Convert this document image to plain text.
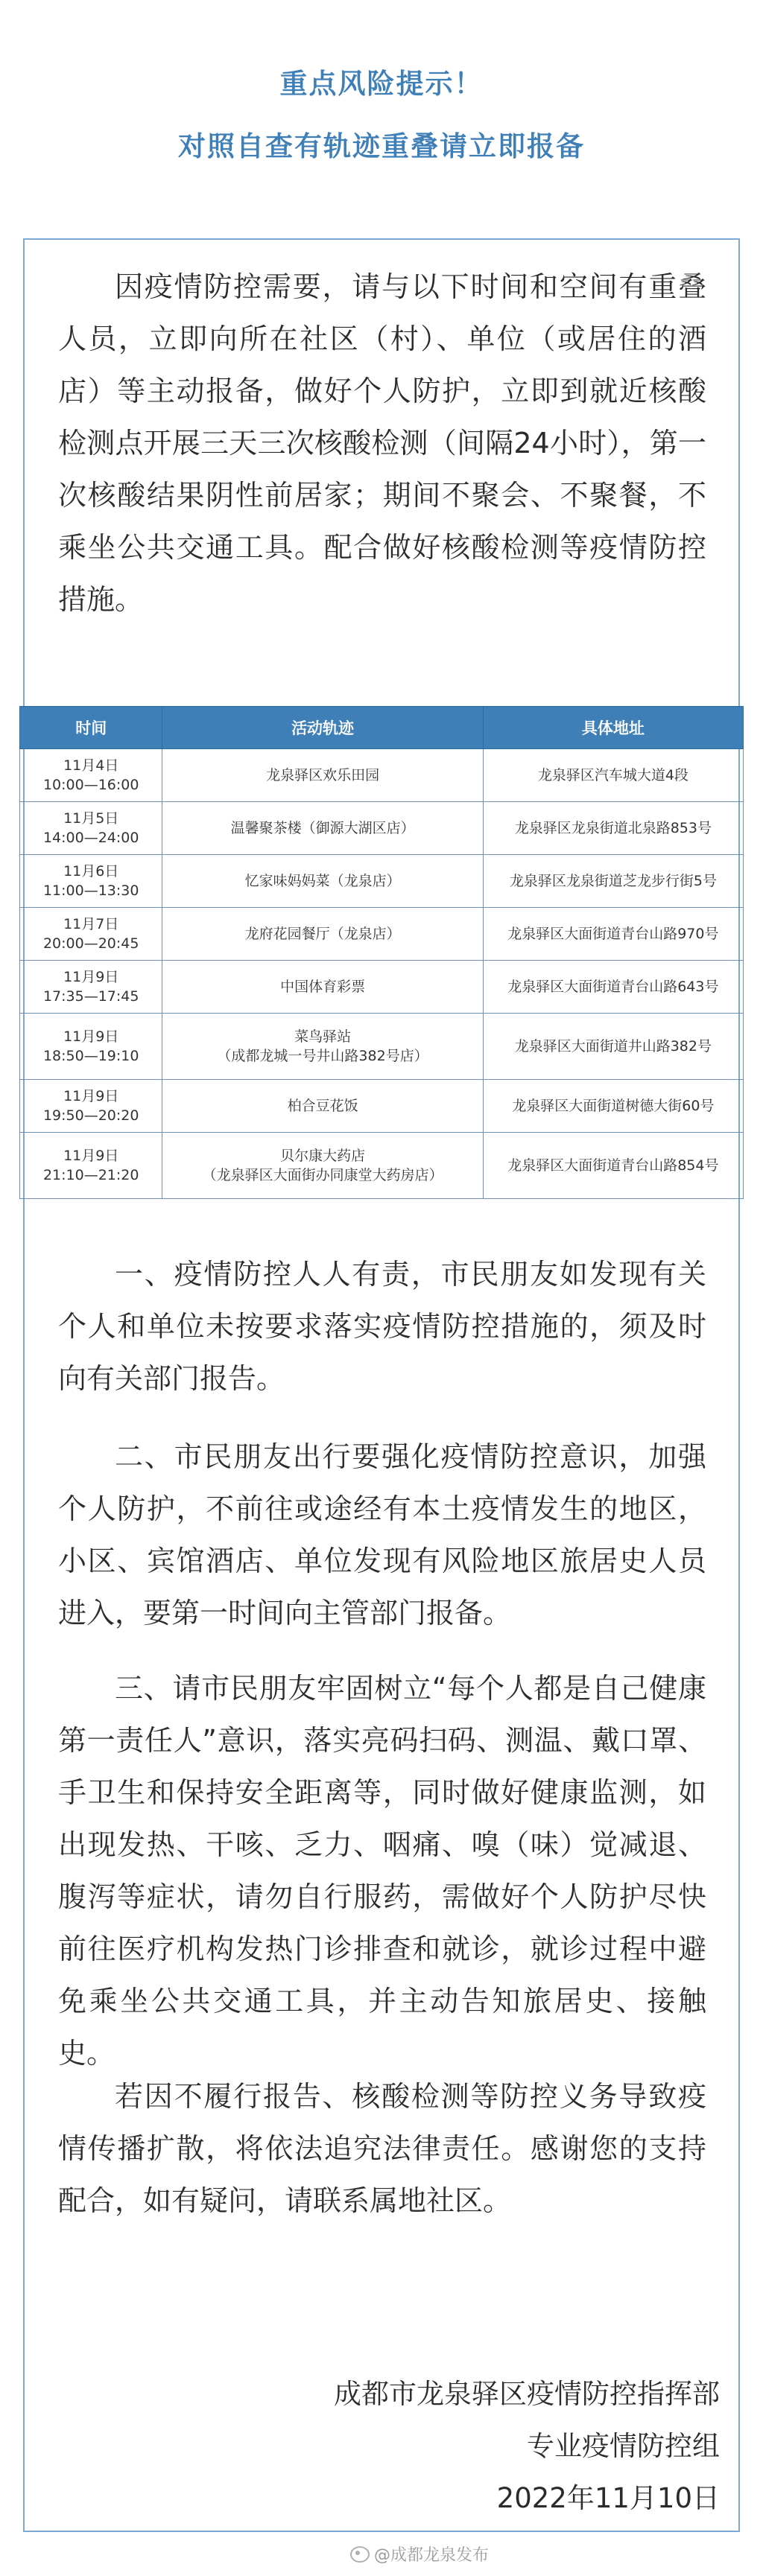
重点风险提示！
对照自查有轨迹重叠请立即报备

因疫情防控需要，请与以下时间和空间有重叠人员，立即向所在社区（村）、单位（或居住的酒店）等主动报备，做好个人防护，立即到就近核酸检测点开展三天三次核酸检测（间隔24小时），第一次核酸结果阴性前居家；期间不聚会、不聚餐，不乘坐公共交通工具。配合做好核酸检测等疫情防控措施。

时间	活动轨迹	具体地址
11月4日
10:00—16:00	龙泉驿区欢乐田园	龙泉驿区汽车城大道4段
11月5日
14:00—24:00	温馨聚茶楼（御源大湖区店）	龙泉驿区龙泉街道北泉路853号
11月6日
11:00—13:30	忆家味妈妈菜（龙泉店）	龙泉驿区龙泉街道芝龙步行街5号
11月7日
20:00—20:45	龙府花园餐厅（龙泉店）	龙泉驿区大面街道青台山路970号
11月9日
17:35—17:45	中国体育彩票	龙泉驿区大面街道青台山路643号
11月9日
18:50—19:10	菜鸟驿站
（成都龙城一号井山路382号店）	龙泉驿区大面街道井山路382号
11月9日
19:50—20:20	柏合豆花饭	龙泉驿区大面街道树德大街60号
11月9日
21:10—21:20	贝尔康大药店
（龙泉驿区大面街办同康堂大药房店）	龙泉驿区大面街道青台山路854号

一、疫情防控人人有责，市民朋友如发现有关个人和单位未按要求落实疫情防控措施的，须及时向有关部门报告。

二、市民朋友出行要强化疫情防控意识，加强个人防护，不前往或途经有本土疫情发生的地区，小区、宾馆酒店、单位发现有风险地区旅居史人员进入，要第一时间向主管部门报备。

三、请市民朋友牢固树立“每个人都是自己健康第一责任人”意识，落实亮码扫码、测温、戴口罩、手卫生和保持安全距离等，同时做好健康监测，如出现发热、干咳、乏力、咽痛、嗅（味）觉减退、腹泻等症状，请勿自行服药，需做好个人防护尽快前往医疗机构发热门诊排查和就诊，就诊过程中避免乘坐公共交通工具，并主动告知旅居史、接触史。

若因不履行报告、核酸检测等防控义务导致疫情传播扩散，将依法追究法律责任。感谢您的支持配合，如有疑问，请联系属地社区。

成都市龙泉驿区疫情防控指挥部
专业疫情防控组
2022年11月10日
@成都龙泉发布
